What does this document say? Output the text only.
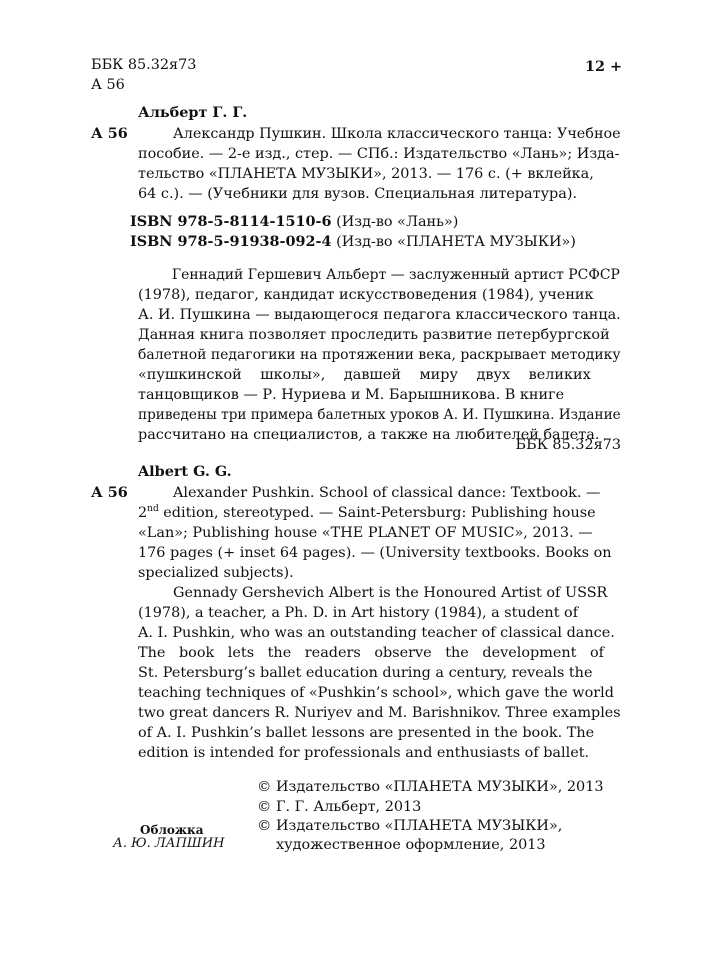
ББК 85.32я73
А 56
12 +
Альберт Г. Г.
А 56	Александр Пушкин. Школа классического танца: Учебное
пособие. — 2-е изд., стер. — СПб.: Издательство «Лань»; Изда-
тельство «ПЛАНЕТА МУЗЫКИ», 2013. — 176 с. (+ вклейка,
64 с.). — (Учебники для вузов. Специальная литература).
ISBN 978-5-8114-1510-6 (Изд-во «Лань»)
ISBN 978-5-91938-092-4 (Изд-во «ПЛАНЕТА МУЗЫКИ»)
Геннадий Гершевич Альберт — заслуженный артист РСФСР
(1978), педагог, кандидат искусствоведения (1984), ученик
А. И. Пушкина — выдающегося педагога классического танца.
Данная книга позволяет проследить развитие петербургской
балетной педагогики на протяжении века, раскрывает методику
«пушкинской школы», давшей миру двух великих
танцовщиков — Р. Нуриева и М. Барышникова. В книге
приведены три примера балетных уроков А. И. Пушкина. Издание
рассчитано на специалистов, а также на любителей балета.
ББК 85.32я73
Albert G. G.
А 56	Alexander Pushkin. School of classical dance: Textbook. —
2nd edition, stereotyped. — Saint-Petersburg: Publishing house
«Lan»; Publishing house «THE PLANET OF MUSIC», 2013. —
176 pages (+ inset 64 pages). — (University textbooks. Books on
specialized subjects).
Gennady Gershevich Albert is the Honoured Artist of USSR
(1978), a teacher, a Ph. D. in Art history (1984), a student of
A. I. Pushkin, who was an outstanding teacher of classical dance.
The book lets the readers observe the development of
St. Petersburg’s ballet education during a century, reveals the
teaching techniques of «Pushkin’s school», which gave the world
two great dancers R. Nuriyev and M. Barishnikov. Three examples
of A. I. Pushkin’s ballet lessons are presented in the book. The
edition is intended for professionals and enthusiasts of ballet.
© Издательство «ПЛАНЕТА МУЗЫКИ», 2013
© Г. Г. Альберт, 2013
© Издательство «ПЛАНЕТА МУЗЫКИ»,
художественное оформление, 2013
Обложка
А. Ю. ЛАПШИН
